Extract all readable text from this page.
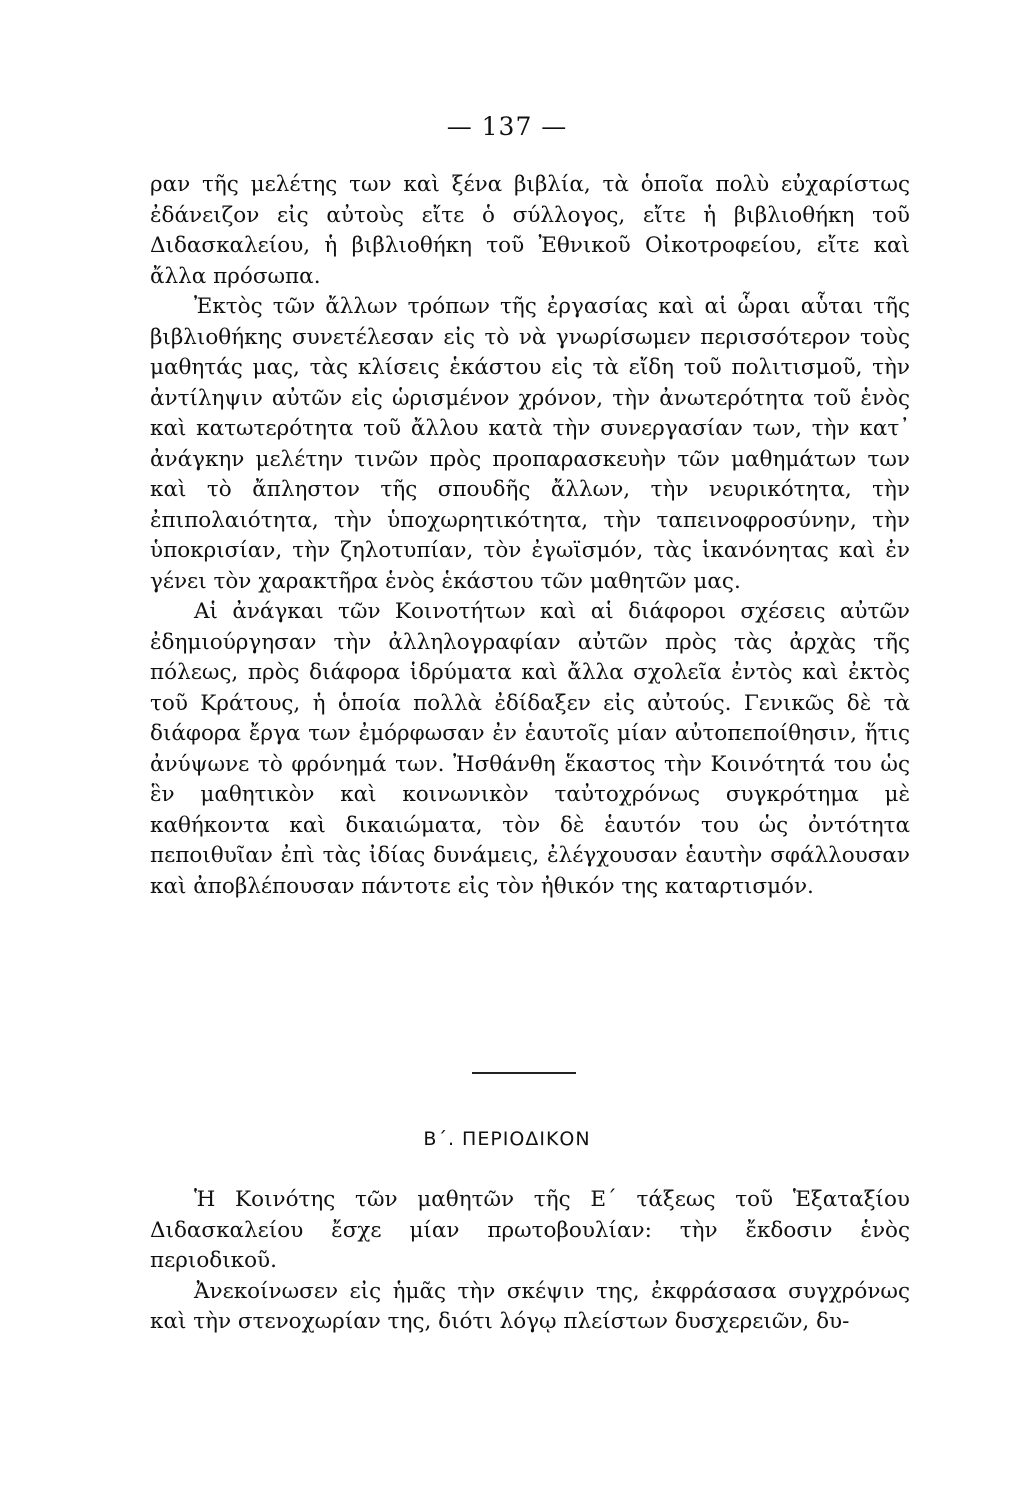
— 137 —

ραν τῆς μελέτης των καὶ ξένα βιβλία, τὰ ὁποῖα πολὺ εὐχαρίστως ἐδάνειζον εἰς αὐτοὺς εἴτε ὁ σύλλογος, εἴτε ἡ βιβλιοθήκη τοῦ Διδασκαλείου, ἡ βιβλιοθήκη τοῦ Ἐθνικοῦ Οἰκοτροφείου, εἴτε καὶ ἄλλα πρόσωπα.

Ἐκτὸς τῶν ἄλλων τρόπων τῆς ἐργασίας καὶ αἱ ὧραι αὗται τῆς βιβλιοθήκης συνετέλεσαν εἰς τὸ νὰ γνωρίσωμεν περισσότερον τοὺς μαθητάς μας, τὰς κλίσεις ἑκάστου εἰς τὰ εἴδη τοῦ πολιτισμοῦ, τὴν ἀντίληψιν αὐτῶν εἰς ὡρισμένον χρόνον, τὴν ἀνωτερότητα τοῦ ἑνὸς καὶ κατωτερότητα τοῦ ἄλλου κατὰ τὴν συνεργασίαν των, τὴν κατ᾽ ἀνάγκην μελέτην τινῶν πρὸς προπαρασκευὴν τῶν μαθημάτων των καὶ τὸ ἄπληστον τῆς σπουδῆς ἄλλων, τὴν νευρικότητα, τὴν ἐπιπολαιότητα, τὴν ὑποχωρητικότητα, τὴν ταπεινοφροσύνην, τὴν ὑποκρισίαν, τὴν ζηλοτυπίαν, τὸν ἐγωϊσμόν, τὰς ἱκανόνητας καὶ ἐν γένει τὸν χαρακτῆρα ἑνὸς ἑκάστου τῶν μαθητῶν μας.

Αἱ ἀνάγκαι τῶν Κοινοτήτων καὶ αἱ διάφοροι σχέσεις αὐτῶν ἐδημιούργησαν τὴν ἀλληλογραφίαν αὐτῶν πρὸς τὰς ἀρχὰς τῆς πόλεως, πρὸς διάφορα ἱδρύματα καὶ ἄλλα σχολεῖα ἐντὸς καὶ ἐκτὸς τοῦ Κράτους, ἡ ὁποία πολλὰ ἐδίδαξεν εἰς αὐτούς. Γενικῶς δὲ τὰ διάφορα ἔργα των ἐμόρφωσαν ἐν ἑαυτοῖς μίαν αὐτοπεποίθησιν, ἥτις ἀνύψωνε τὸ φρόνημά των. Ἠσθάνθη ἕκαστος τὴν Κοινότητά του ὡς ἓν μαθητικὸν καὶ κοινωνικὸν ταὐτοχρόνως συγκρότημα μὲ καθήκοντα καὶ δικαιώματα, τὸν δὲ ἑαυτόν του ὡς ὀντότητα πεποιθυῖαν ἐπὶ τὰς ἰδίας δυνάμεις, ἐλέγχουσαν ἑαυτὴν σφάλλουσαν καὶ ἀποβλέπουσαν πάντοτε εἰς τὸν ἠθικόν της καταρτισμόν.

Β΄. ΠΕΡΙΟΔΙΚΟΝ

Ἡ Κοινότης τῶν μαθητῶν τῆς Ε΄ τάξεως τοῦ Ἑξαταξίου Διδασκαλείου ἔσχε μίαν πρωτοβουλίαν: τὴν ἔκδοσιν ἑνὸς περιοδικοῦ.

Ἀνεκοίνωσεν εἰς ἡμᾶς τὴν σκέψιν της, ἐκφράσασα συγχρόνως καὶ τὴν στενοχωρίαν της, διότι λόγῳ πλείστων δυσχερειῶν, δυ-
